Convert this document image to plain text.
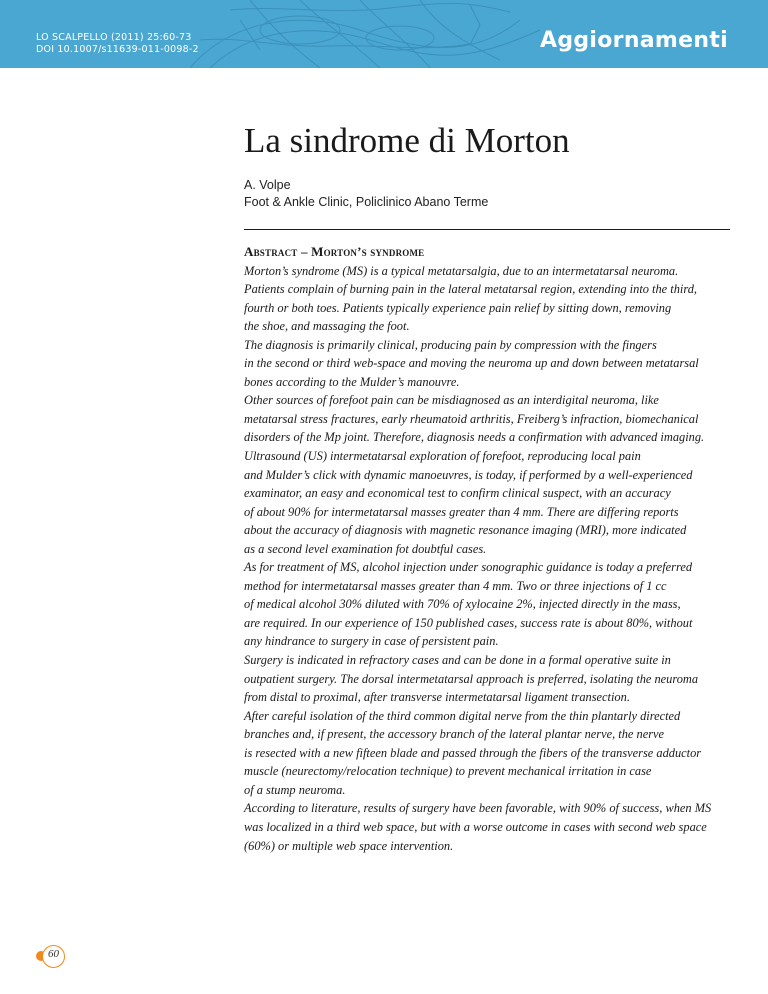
LO SCALPELLO (2011) 25:60-73
DOI 10.1007/s11639-011-0098-2	Aggiornamenti
La sindrome di Morton
A. Volpe
Foot & Ankle Clinic, Policlinico Abano Terme
Abstract – Morton’s syndrome
Morton’s syndrome (MS) is a typical metatarsalgia, due to an intermetatarsal neuroma.
Patients complain of burning pain in the lateral metatarsal region, extending into the third,
fourth or both toes. Patients typically experience pain relief by sitting down, removing
the shoe, and massaging the foot.
The diagnosis is primarily clinical, producing pain by compression with the fingers
in the second or third web-space and moving the neuroma up and down between metatarsal
bones according to the Mulder’s manouvre.
Other sources of forefoot pain can be misdiagnosed as an interdigital neuroma, like
metatarsal stress fractures, early rheumatoid arthritis, Freiberg’s infraction, biomechanical
disorders of the Mp joint. Therefore, diagnosis needs a confirmation with advanced imaging.
Ultrasound (US) intermetatarsal exploration of forefoot, reproducing local pain
and Mulder’s click with dynamic manoeuvres, is today, if performed by a well-experienced
examinator, an easy and economical test to confirm clinical suspect, with an accuracy
of about 90% for intermetatarsal masses greater than 4 mm. There are differing reports
about the accuracy of diagnosis with magnetic resonance imaging (MRI), more indicated
as a second level examination fot doubtful cases.
As for treatment of MS, alcohol injection under sonographic guidance is today a preferred
method for intermetatarsal masses greater than 4 mm. Two or three injections of 1 cc
of medical alcohol 30% diluted with 70% of xylocaine 2%, injected directly in the mass,
are required. In our experience of 150 published cases, success rate is about 80%, without
any hindrance to surgery in case of persistent pain.
Surgery is indicated in refractory cases and can be done in a formal operative suite in
outpatient surgery. The dorsal intermetatarsal approach is preferred, isolating the neuroma
from distal to proximal, after transverse intermetatarsal ligament transection.
After careful isolation of the third common digital nerve from the thin plantarly directed
branches and, if present, the accessory branch of the lateral plantar nerve, the nerve
is resected with a new fifteen blade and passed through the fibers of the transverse adductor
muscle (neurectomy/relocation technique) to prevent mechanical irritation in case
of a stump neuroma.
According to literature, results of surgery have been favorable, with 90% of success, when MS
was localized in a third web space, but with a worse outcome in cases with second web space
(60%) or multiple web space intervention.
60
